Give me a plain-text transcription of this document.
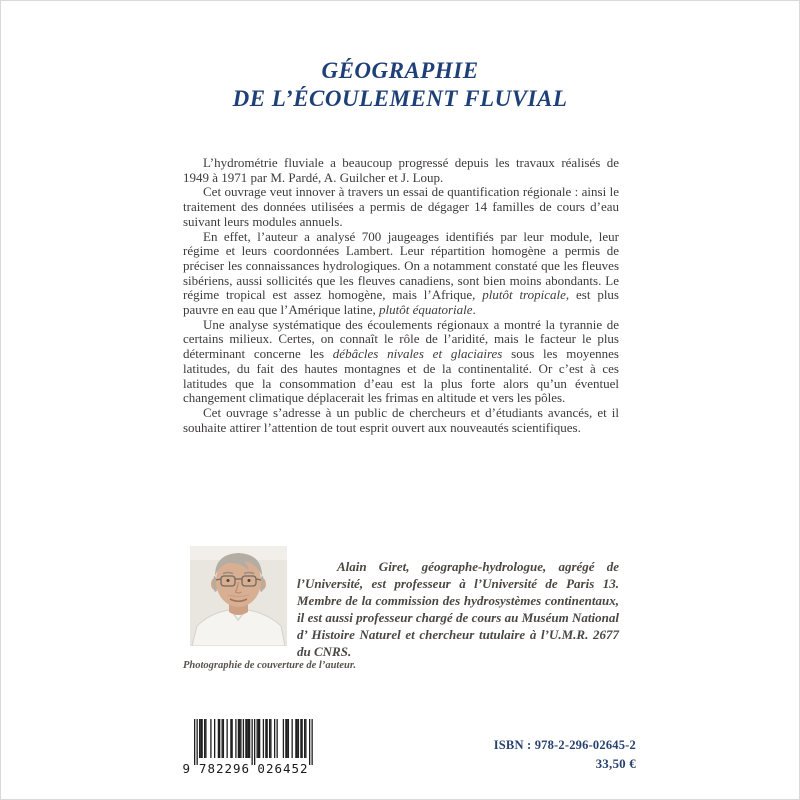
GÉOGRAPHIE
DE L’ÉCOULEMENT FLUVIAL

L’hydrométrie fluviale a beaucoup progressé depuis les travaux réalisés de 1949 à 1971 par M. Pardé, A. Guilcher et J. Loup.

Cet ouvrage veut innover à travers un essai de quantification régionale : ainsi le traitement des données utilisées a permis de dégager 14 familles de cours d’eau suivant leurs modules annuels.

En effet, l’auteur a analysé 700 jaugeages identifiés par leur module, leur régime et leurs coordonnées Lambert. Leur répartition homogène a permis de préciser les connaissances hydrologiques. On a notamment constaté que les fleuves sibériens, aussi sollicités que les fleuves canadiens, sont bien moins abondants. Le régime tropical est assez homogène, mais l’Afrique, plutôt tropicale, est plus pauvre en eau que l’Amérique latine, plutôt équatoriale.

Une analyse systématique des écoulements régionaux a montré la tyrannie de certains milieux. Certes, on connaît le rôle de l’aridité, mais le facteur le plus déterminant concerne les débâcles nivales et glaciaires sous les moyennes latitudes, du fait des hautes montagnes et de la continentalité. Or c’est à ces latitudes que la consommation d’eau est la plus forte alors qu’un éventuel changement climatique déplacerait les frimas en altitude et vers les pôles.

Cet ouvrage s’adresse à un public de chercheurs et d’étudiants avancés, et il souhaite attirer l’attention de tout esprit ouvert aux nouveautés scientifiques.

Alain Giret, géographe-hydrologue, agrégé de l’Université, est professeur à l’Université de Paris 13. Membre de la commission des hydrosystèmes continentaux, il est aussi professeur chargé de cours au Muséum National d’ Histoire Naturel et chercheur tutulaire à l’U.M.R. 2677 du CNRS.
Photographie de couverture de l’auteur.
9 782296 026452
ISBN : 978-2-296-02645-2
33,50 €
